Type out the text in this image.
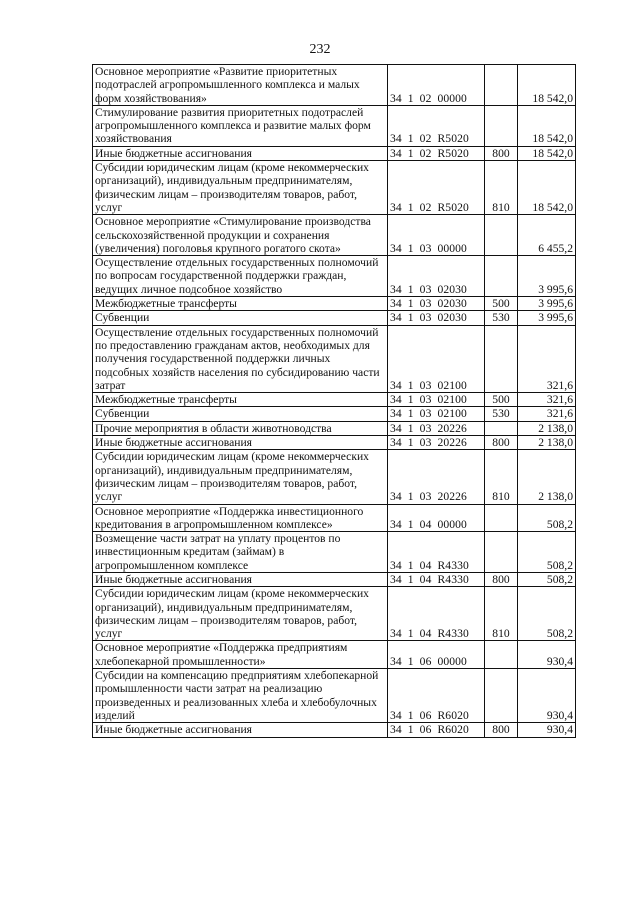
232
Основное мероприятие «Развитие приоритетных подотраслей агропромышленного комплекса и малых форм хозяйствования»	34  1  02  00000		18 542,0
Стимулирование развития приоритетных подотраслей агропромышленного комплекса и развитие малых форм хозяйствования	34  1  02  R5020		18 542,0
Иные бюджетные ассигнования	34  1  02  R5020	800	18 542,0
Субсидии юридическим лицам (кроме некоммерческих организаций), индивидуальным предпринимателям, физическим лицам – производителям товаров, работ, услуг	34  1  02  R5020	810	18 542,0
Основное мероприятие «Стимулирование производства сельскохозяйственной продукции и сохранения (увеличения) поголовья крупного рогатого скота»	34  1  03  00000		6 455,2
Осуществление отдельных государственных полномочий по вопросам государственной поддержки граждан, ведущих личное подсобное хозяйство	34  1  03  02030		3 995,6
Межбюджетные трансферты	34  1  03  02030	500	3 995,6
Субвенции	34  1  03  02030	530	3 995,6
Осуществление отдельных государственных полномочий по предоставлению гражданам актов, необходимых для получения государственной поддержки личных подсобных хозяйств населения по субсидированию части затрат	34  1  03  02100		321,6
Межбюджетные трансферты	34  1  03  02100	500	321,6
Субвенции	34  1  03  02100	530	321,6
Прочие мероприятия в области животноводства	34  1  03  20226		2 138,0
Иные бюджетные ассигнования	34  1  03  20226	800	2 138,0
Субсидии юридическим лицам (кроме некоммерческих организаций), индивидуальным предпринимателям, физическим лицам – производителям товаров, работ, услуг	34  1  03  20226	810	2 138,0
Основное мероприятие «Поддержка инвестиционного кредитования в агропромышленном комплексе»	34  1  04  00000		508,2
Возмещение части затрат на уплату процентов по инвестиционным кредитам (займам) в агропромышленном комплексе	34  1  04  R4330		508,2
Иные бюджетные ассигнования	34  1  04  R4330	800	508,2
Субсидии юридическим лицам (кроме некоммерческих организаций), индивидуальным предпринимателям, физическим лицам – производителям товаров, работ, услуг	34  1  04  R4330	810	508,2
Основное мероприятие «Поддержка предприятиям хлебопекарной промышленности»	34  1  06  00000		930,4
Субсидии на компенсацию предприятиям хлебопекарной промышленности части затрат на реализацию произведенных и реализованных хлеба и хлебобулочных изделий	34  1  06  R6020		930,4
Иные бюджетные ассигнования	34  1  06  R6020	800	930,4
